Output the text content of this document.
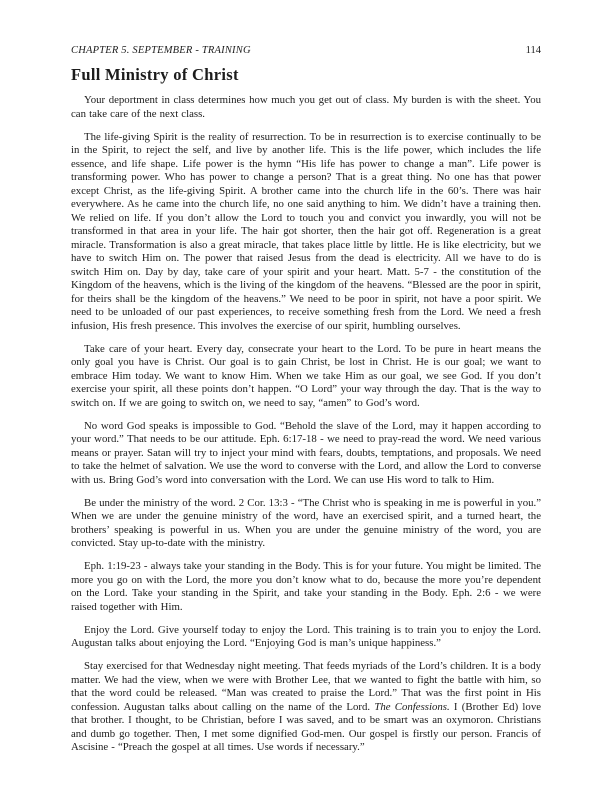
CHAPTER 5. SEPTEMBER - TRAINING	114
Full Ministry of Christ

Your deportment in class determines how much you get out of class. My burden is with the sheet. You can take care of the next class.

The life-giving Spirit is the reality of resurrection. To be in resurrection is to exercise continually to be in the Spirit, to reject the self, and live by another life. This is the life power, which includes the life essence, and life shape. Life power is the hymn “His life has power to change a man”. Life power is transforming power. Who has power to change a person? That is a great thing. No one has that power except Christ, as the life-giving Spirit. A brother came into the church life in the 60’s. There was hair everywhere. As he came into the church life, no one said anything to him. We didn’t have a training then. We relied on life. If you don’t allow the Lord to touch you and convict you inwardly, you will not be transformed in that area in your life. The hair got shorter, then the hair got off. Regeneration is a great miracle. Transformation is also a great miracle, that takes place little by little. He is like electricity, but we have to switch Him on. The power that raised Jesus from the dead is electricity. All we have to do is switch Him on. Day by day, take care of your spirit and your heart. Matt. 5-7 - the constitution of the Kingdom of the heavens, which is the living of the kingdom of the heavens. “Blessed are the poor in spirit, for theirs shall be the kingdom of the heavens.” We need to be poor in spirit, not have a poor spirit. We need to be unloaded of our past experiences, to receive something fresh from the Lord. We need a fresh infusion, His fresh presence. This involves the exercise of our spirit, humbling ourselves.

Take care of your heart. Every day, consecrate your heart to the Lord. To be pure in heart means the only goal you have is Christ. Our goal is to gain Christ, be lost in Christ. He is our goal; we want to embrace Him today. We want to know Him. When we take Him as our goal, we see God. If you don’t exercise your spirit, all these points don’t happen. “O Lord” your way through the day. That is the way to switch on. If we are going to switch on, we need to say, “amen” to God’s word.

No word God speaks is impossible to God. “Behold the slave of the Lord, may it happen according to your word.” That needs to be our attitude. Eph. 6:17-18 - we need to pray-read the word. We need various means or prayer. Satan will try to inject your mind with fears, doubts, temptations, and proposals. We need to take the helmet of salvation. We use the word to converse with the Lord, and allow the Lord to converse with us. Bring God’s word into conversation with the Lord. We can use His word to talk to Him.

Be under the ministry of the word. 2 Cor. 13:3 - “The Christ who is speaking in me is powerful in you.” When we are under the genuine ministry of the word, have an exercised spirit, and a turned heart, the brothers’ speaking is powerful in us. When you are under the genuine ministry of the word, you are convicted. Stay up-to-date with the ministry.

Eph. 1:19-23 - always take your standing in the Body. This is for your future. You might be limited. The more you go on with the Lord, the more you don’t know what to do, because the more you’re dependent on the Lord. Take your standing in the Spirit, and take your standing in the Body. Eph. 2:6 - we were raised together with Him.

Enjoy the Lord. Give yourself today to enjoy the Lord. This training is to train you to enjoy the Lord. Augustan talks about enjoying the Lord. “Enjoying God is man’s unique happiness.”

Stay exercised for that Wednesday night meeting. That feeds myriads of the Lord’s children. It is a body matter. We had the view, when we were with Brother Lee, that we wanted to fight the battle with him, so that the word could be released. “Man was created to praise the Lord.” That was the first point in His confession. Augustan talks about calling on the name of the Lord. The Confessions. I (Brother Ed) love that brother. I thought, to be Christian, before I was saved, and to be smart was an oxymoron. Christians and dumb go together. Then, I met some dignified God-men. Our gospel is firstly our person. Francis of Ascisine - “Preach the gospel at all times. Use words if necessary.”
